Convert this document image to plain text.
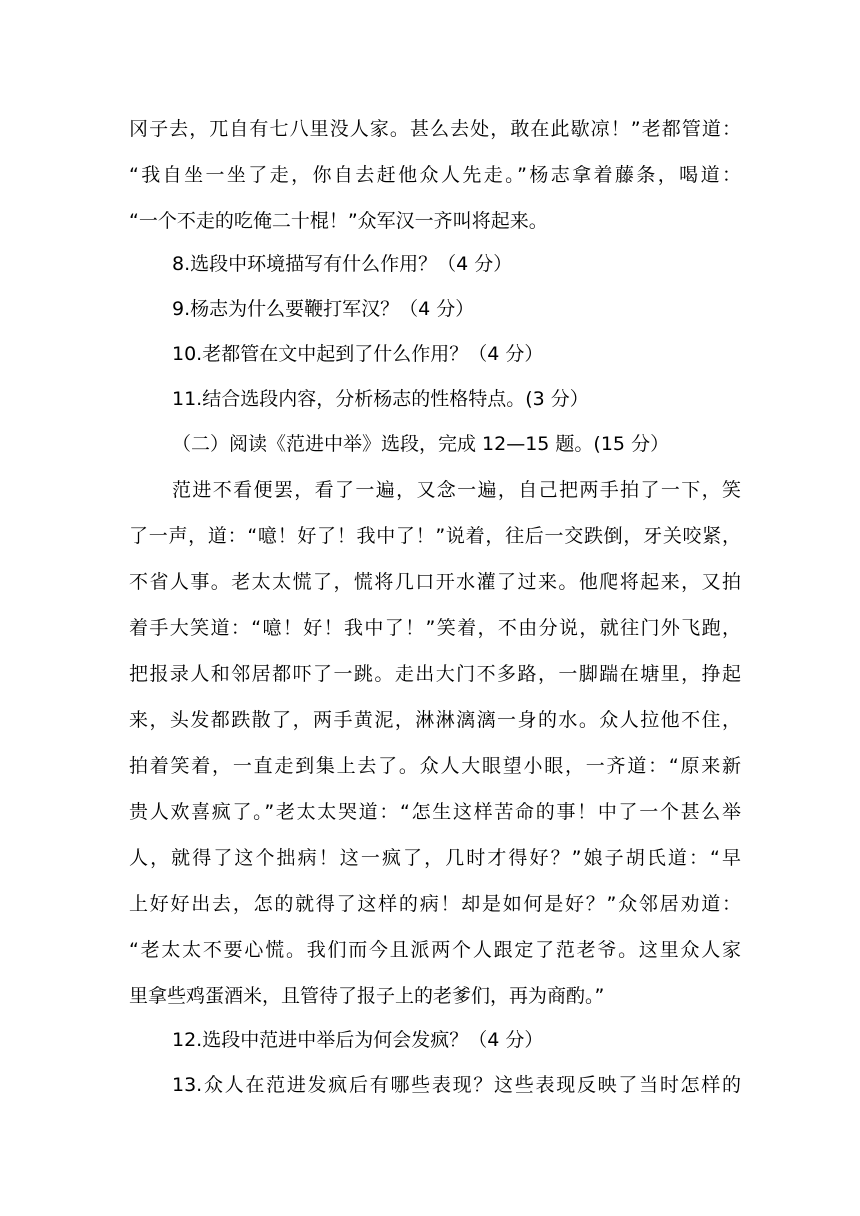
冈子去，兀自有七八里没人家。甚么去处，敢在此歇凉！”老都管道：
“我自坐一坐了走，你自去赶他众人先走。”杨志拿着藤条，喝道：
“一个不走的吃俺二十棍！”众军汉一齐叫将起来。
8.选段中环境描写有什么作用？（4 分）
9.杨志为什么要鞭打军汉？（4 分）
10.老都管在文中起到了什么作用？（4 分）
11.结合选段内容，分析杨志的性格特点。(3 分）
（二）阅读《范进中举》选段，完成 12—15 题。(15 分）
范进不看便罢，看了一遍，又念一遍，自己把两手拍了一下，笑
了一声，道：“噫！好了！我中了！”说着，往后一交跌倒，牙关咬紧，
不省人事。老太太慌了，慌将几口开水灌了过来。他爬将起来，又拍
着手大笑道：“噫！好！我中了！”笑着，不由分说，就往门外飞跑，
把报录人和邻居都吓了一跳。走出大门不多路，一脚踹在塘里，挣起
来，头发都跌散了，两手黄泥，淋淋漓漓一身的水。众人拉他不住，
拍着笑着，一直走到集上去了。众人大眼望小眼，一齐道：“原来新
贵人欢喜疯了。”老太太哭道：“怎生这样苦命的事！中了一个甚么举
人，就得了这个拙病！这一疯了，几时才得好？”娘子胡氏道：“早
上好好出去，怎的就得了这样的病！却是如何是好？”众邻居劝道：
“老太太不要心慌。我们而今且派两个人跟定了范老爷。这里众人家
里拿些鸡蛋酒米，且管待了报子上的老爹们，再为商酌。”
12.选段中范进中举后为何会发疯？（4 分）
13.众人在范进发疯后有哪些表现？这些表现反映了当时怎样的
